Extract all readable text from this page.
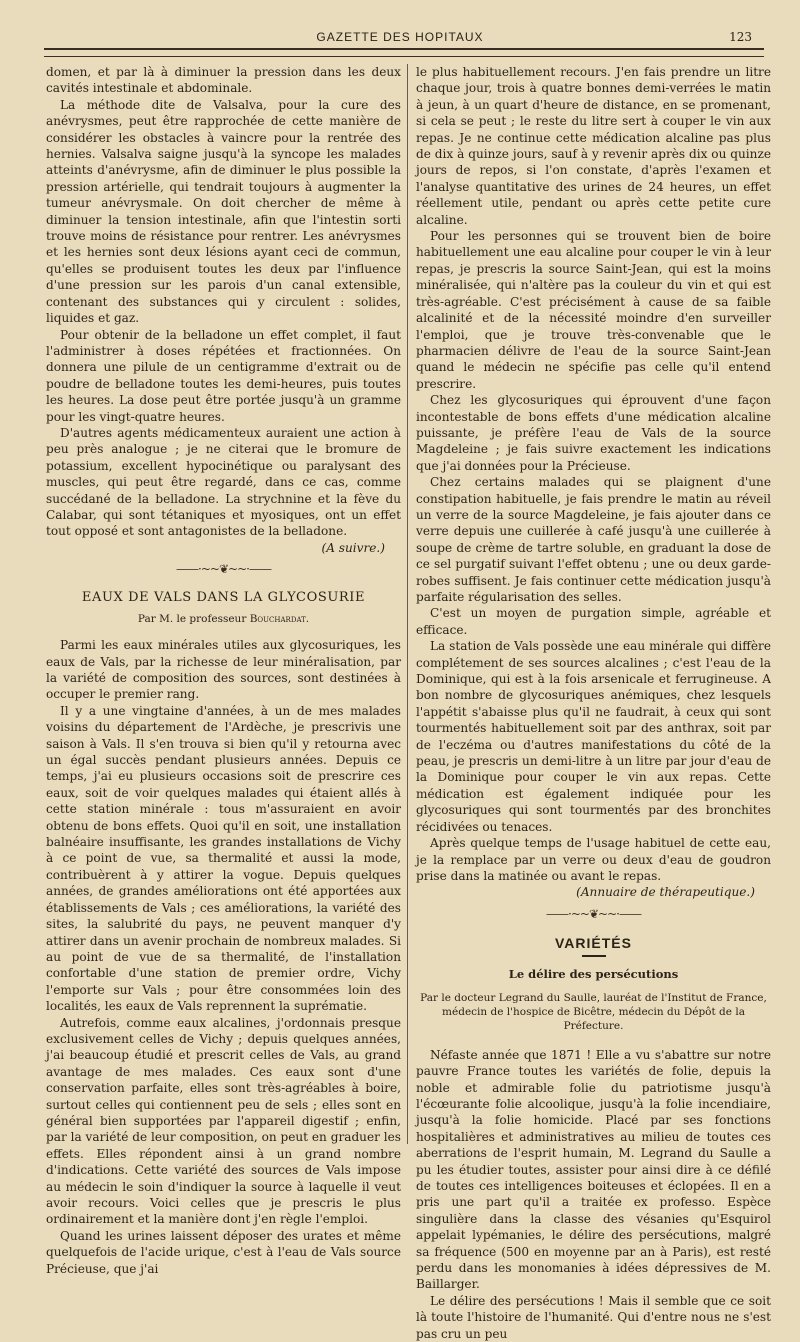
GAZETTE DES HOPITAUX	123

domen, et par là à diminuer la pression dans les deux cavités intestinale et abdominale.

La méthode dite de Valsalva, pour la cure des anévrysmes, peut être rapprochée de cette manière de considérer les obstacles à vaincre pour la rentrée des hernies. Valsalva saigne jusqu'à la syncope les malades atteints d'anévrysme, afin de diminuer le plus possible la pression artérielle, qui tendrait toujours à augmenter la tumeur anévrysmale. On doit chercher de même à diminuer la tension intestinale, afin que l'intestin sorti trouve moins de résistance pour rentrer. Les anévrysmes et les hernies sont deux lésions ayant ceci de commun, qu'elles se produisent toutes les deux par l'influence d'une pression sur les parois d'un canal extensible, contenant des substances qui y circulent : solides, liquides et gaz.

Pour obtenir de la belladone un effet complet, il faut l'administrer à doses répétées et fractionnées. On donnera une pilule de un centigramme d'extrait ou de poudre de belladone toutes les demi-heures, puis toutes les heures. La dose peut être portée jusqu'à un gramme pour les vingt-quatre heures.

D'autres agents médicamenteux auraient une action à peu près analogue ; je ne citerai que le bromure de potassium, excellent hypocinétique ou paralysant des muscles, qui peut être regardé, dans ce cas, comme succédané de la belladone. La strychnine et la fève du Calabar, qui sont tétaniques et myosiques, ont un effet tout opposé et sont antagonistes de la belladone.

(A suivre.)

——·~~❦~~·——
EAUX DE VALS DANS LA GLYCOSURIE
Par M. le professeur Bouchardat.

Parmi les eaux minérales utiles aux glycosuriques, les eaux de Vals, par la richesse de leur minéralisation, par la variété de composition des sources, sont destinées à occuper le premier rang.

Il y a une vingtaine d'années, à un de mes malades voisins du département de l'Ardèche, je prescrivis une saison à Vals. Il s'en trouva si bien qu'il y retourna avec un égal succès pendant plusieurs années. Depuis ce temps, j'ai eu plusieurs occasions soit de prescrire ces eaux, soit de voir quelques malades qui étaient allés à cette station minérale : tous m'assuraient en avoir obtenu de bons effets. Quoi qu'il en soit, une installation balnéaire insuffisante, les grandes installations de Vichy à ce point de vue, sa thermalité et aussi la mode, contribuèrent à y attirer la vogue. Depuis quelques années, de grandes améliorations ont été apportées aux établissements de Vals ; ces améliorations, la variété des sites, la salubrité du pays, ne peuvent manquer d'y attirer dans un avenir prochain de nombreux malades. Si au point de vue de sa thermalité, de l'installation confortable d'une station de premier ordre, Vichy l'emporte sur Vals ; pour être consommées loin des localités, les eaux de Vals reprennent la suprématie.

Autrefois, comme eaux alcalines, j'ordonnais presque exclusivement celles de Vichy ; depuis quelques années, j'ai beaucoup étudié et prescrit celles de Vals, au grand avantage de mes malades. Ces eaux sont d'une conservation parfaite, elles sont très-agréables à boire, surtout celles qui contiennent peu de sels ; elles sont en général bien supportées par l'appareil digestif ; enfin, par la variété de leur composition, on peut en graduer les effets. Elles répondent ainsi à un grand nombre d'indications. Cette variété des sources de Vals impose au médecin le soin d'indiquer la source à laquelle il veut avoir recours. Voici celles que je prescris le plus ordinairement et la manière dont j'en règle l'emploi.

Quand les urines laissent déposer des urates et même quelquefois de l'acide urique, c'est à l'eau de Vals source Précieuse, que j'ai

le plus habituellement recours. J'en fais prendre un litre chaque jour, trois à quatre bonnes demi-verrées le matin à jeun, à un quart d'heure de distance, en se promenant, si cela se peut ; le reste du litre sert à couper le vin aux repas. Je ne continue cette médication alcaline pas plus de dix à quinze jours, sauf à y revenir après dix ou quinze jours de repos, si l'on constate, d'après l'examen et l'analyse quantitative des urines de 24 heures, un effet réellement utile, pendant ou après cette petite cure alcaline.

Pour les personnes qui se trouvent bien de boire habituellement une eau alcaline pour couper le vin à leur repas, je prescris la source Saint-Jean, qui est la moins minéralisée, qui n'altère pas la couleur du vin et qui est très-agréable. C'est précisément à cause de sa faible alcalinité et de la nécessité moindre d'en surveiller l'emploi, que je trouve très-convenable que le pharmacien délivre de l'eau de la source Saint-Jean quand le médecin ne spécifie pas celle qu'il entend prescrire.

Chez les glycosuriques qui éprouvent d'une façon incontestable de bons effets d'une médication alcaline puissante, je préfère l'eau de Vals de la source Magdeleine ; je fais suivre exactement les indications que j'ai données pour la Précieuse.

Chez certains malades qui se plaignent d'une constipation habituelle, je fais prendre le matin au réveil un verre de la source Magdeleine, je fais ajouter dans ce verre depuis une cuillerée à café jusqu'à une cuillerée à soupe de crème de tartre soluble, en graduant la dose de ce sel purgatif suivant l'effet obtenu ; une ou deux garde-robes suffisent. Je fais continuer cette médication jusqu'à parfaite régularisation des selles.

C'est un moyen de purgation simple, agréable et efficace.

La station de Vals possède une eau minérale qui diffère complétement de ses sources alcalines ; c'est l'eau de la Dominique, qui est à la fois arsenicale et ferrugineuse. A bon nombre de glycosuriques anémiques, chez lesquels l'appétit s'abaisse plus qu'il ne faudrait, à ceux qui sont tourmentés habituellement soit par des anthrax, soit par de l'eczéma ou d'autres manifestations du côté de la peau, je prescris un demi-litre à un litre par jour d'eau de la Dominique pour couper le vin aux repas. Cette médication est également indiquée pour les glycosuriques qui sont tourmentés par des bronchites récidivées ou tenaces.

Après quelque temps de l'usage habituel de cette eau, je la remplace par un verre ou deux d'eau de goudron prise dans la matinée ou avant le repas.

(Annuaire de thérapeutique.)

——·~~❦~~·——
VARIÉTÉS
Le délire des persécutions
Par le docteur Legrand du Saulle, lauréat de l'Institut de France, médecin de l'hospice de Bicêtre, médecin du Dépôt de la Préfecture.

Néfaste année que 1871 ! Elle a vu s'abattre sur notre pauvre France toutes les variétés de folie, depuis la noble et admirable folie du patriotisme jusqu'à l'écœurante folie alcoolique, jusqu'à la folie incendiaire, jusqu'à la folie homicide. Placé par ses fonctions hospitalières et administratives au milieu de toutes ces aberrations de l'esprit humain, M. Legrand du Saulle a pu les étudier toutes, assister pour ainsi dire à ce défilé de toutes ces intelligences boiteuses et éclopées. Il en a pris une part qu'il a traitée ex professo. Espèce singulière dans la classe des vésanies qu'Esquirol appelait lypémanies, le délire des persécutions, malgré sa fréquence (500 en moyenne par an à Paris), est resté perdu dans les monomanies à idées dépressives de M. Baillarger.

Le délire des persécutions ! Mais il semble que ce soit là toute l'histoire de l'humanité. Qui d'entre nous ne s'est pas cru un peu
